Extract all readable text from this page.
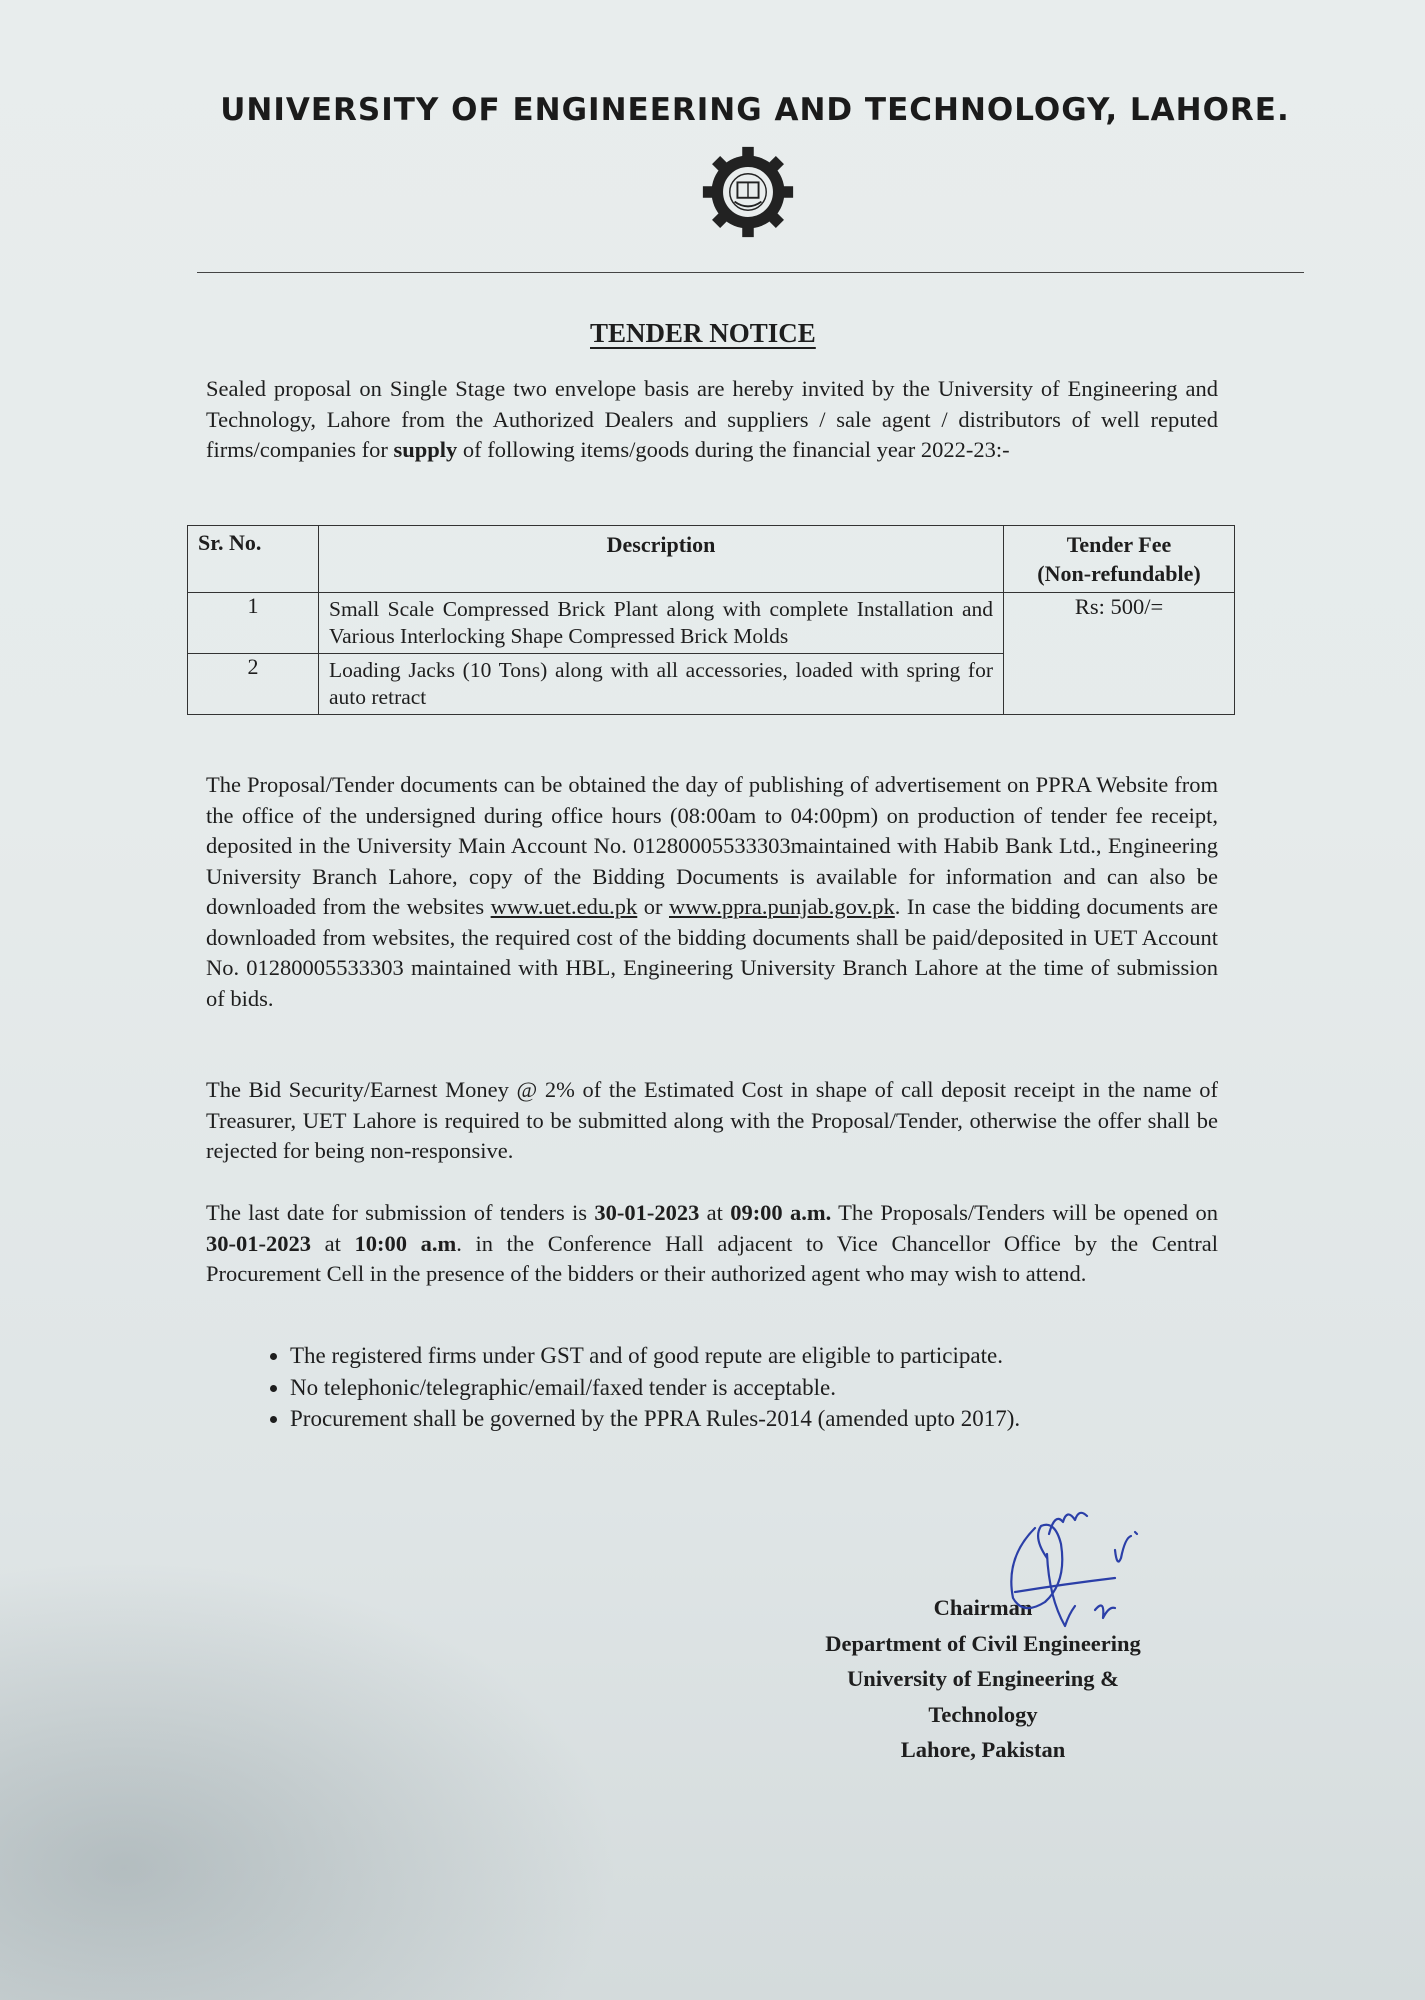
UNIVERSITY OF ENGINEERING AND TECHNOLOGY, LAHORE.
TENDER NOTICE

Sealed proposal on Single Stage two envelope basis are hereby invited by the University of Engineering and Technology, Lahore from the Authorized Dealers and suppliers / sale agent / distributors of well reputed firms/companies for supply of following items/goods during the financial year 2022-23:-

Sr. No.	Description	Tender Fee
(Non-refundable)
1	Small Scale Compressed Brick Plant along with complete Installation and Various Interlocking Shape Compressed Brick Molds	Rs: 500/=
2	Loading Jacks (10 Tons) along with all accessories, loaded with spring for auto retract	

The Proposal/Tender documents can be obtained the day of publishing of advertisement on PPRA Website from the office of the undersigned during office hours (08:00am to 04:00pm) on production of tender fee receipt, deposited in the University Main Account No. 01280005533303maintained with Habib Bank Ltd., Engineering University Branch Lahore, copy of the Bidding Documents is available for information and can also be downloaded from the websites www.uet.edu.pk or www.ppra.punjab.gov.pk. In case the bidding documents are downloaded from websites, the required cost of the bidding documents shall be paid/deposited in UET Account No. 01280005533303 maintained with HBL, Engineering University Branch Lahore at the time of submission of bids.

The Bid Security/Earnest Money @ 2% of the Estimated Cost in shape of call deposit receipt in the name of Treasurer, UET Lahore is required to be submitted along with the Proposal/Tender, otherwise the offer shall be rejected for being non-responsive.

The last date for submission of tenders is 30-01-2023 at 09:00 a.m. The Proposals/Tenders will be opened on 30-01-2023 at 10:00 a.m. in the Conference Hall adjacent to Vice Chancellor Office by the Central Procurement Cell in the presence of the bidders or their authorized agent who may wish to attend.

• The registered firms under GST and of good repute are eligible to participate.
• No telephonic/telegraphic/email/faxed tender is acceptable.
• Procurement shall be governed by the PPRA Rules-2014 (amended upto 2017).
Chairman
Department of Civil Engineering
University of Engineering &
Technology
Lahore, Pakistan
